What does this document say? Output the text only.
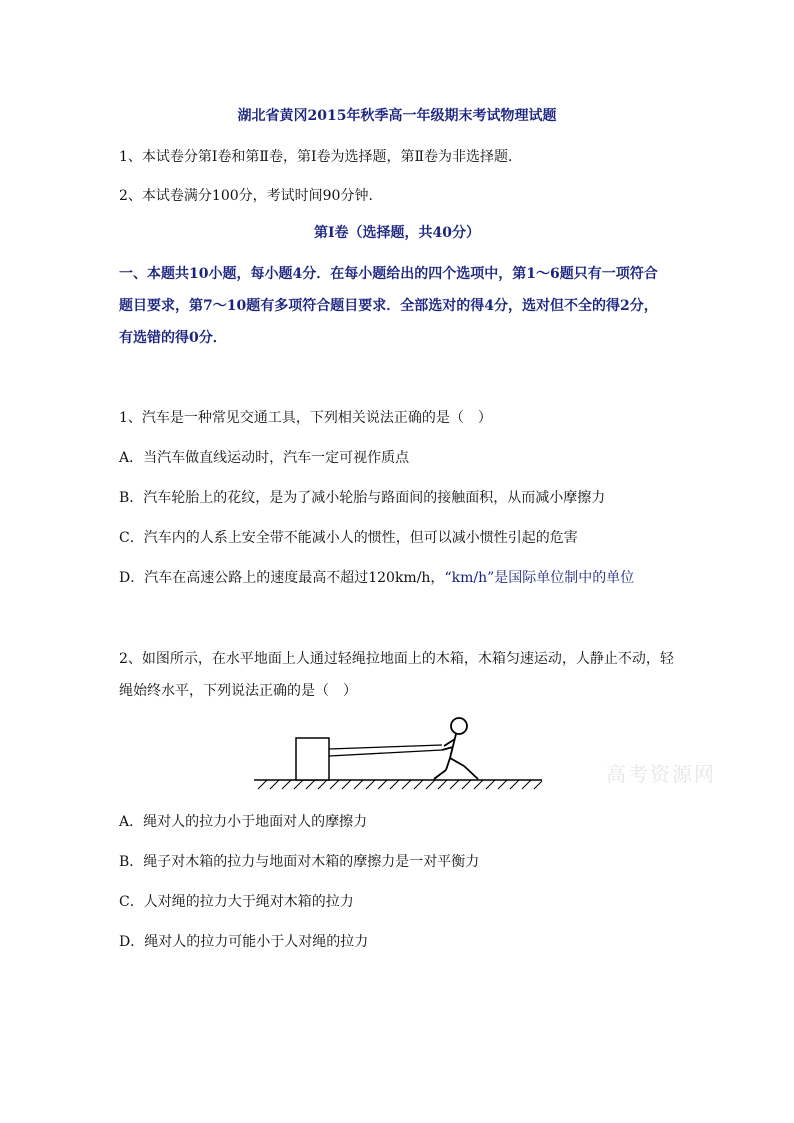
湖北省黄冈2015年秋季高一年级期末考试物理试题
1、本试卷分第Ⅰ卷和第Ⅱ卷，第Ⅰ卷为选择题，第Ⅱ卷为非选择题．
2、本试卷满分100分，考试时间90分钟．
第Ⅰ卷（选择题，共40分）
一、本题共10小题，每小题4分．在每小题给出的四个选项中，第1～6题只有一项符合
题目要求，第7～10题有多项符合题目要求．全部选对的得4分，选对但不全的得2分，
有选错的得0分．
1、汽车是一种常见交通工具，下列相关说法正确的是（　）
A．当汽车做直线运动时，汽车一定可视作质点
B．汽车轮胎上的花纹，是为了减小轮胎与路面间的接触面积，从而减小摩擦力
C．汽车内的人系上安全带不能减小人的惯性，但可以减小惯性引起的危害
D．汽车在高速公路上的速度最高不超过120km/h，“km/h”是国际单位制中的单位
2、如图所示，在水平地面上人通过轻绳拉地面上的木箱，木箱匀速运动，人静止不动，轻
绳始终水平，下列说法正确的是（　）
高考资源网
A．绳对人的拉力小于地面对人的摩擦力
B．绳子对木箱的拉力与地面对木箱的摩擦力是一对平衡力
C．人对绳的拉力大于绳对木箱的拉力
D．绳对人的拉力可能小于人对绳的拉力
